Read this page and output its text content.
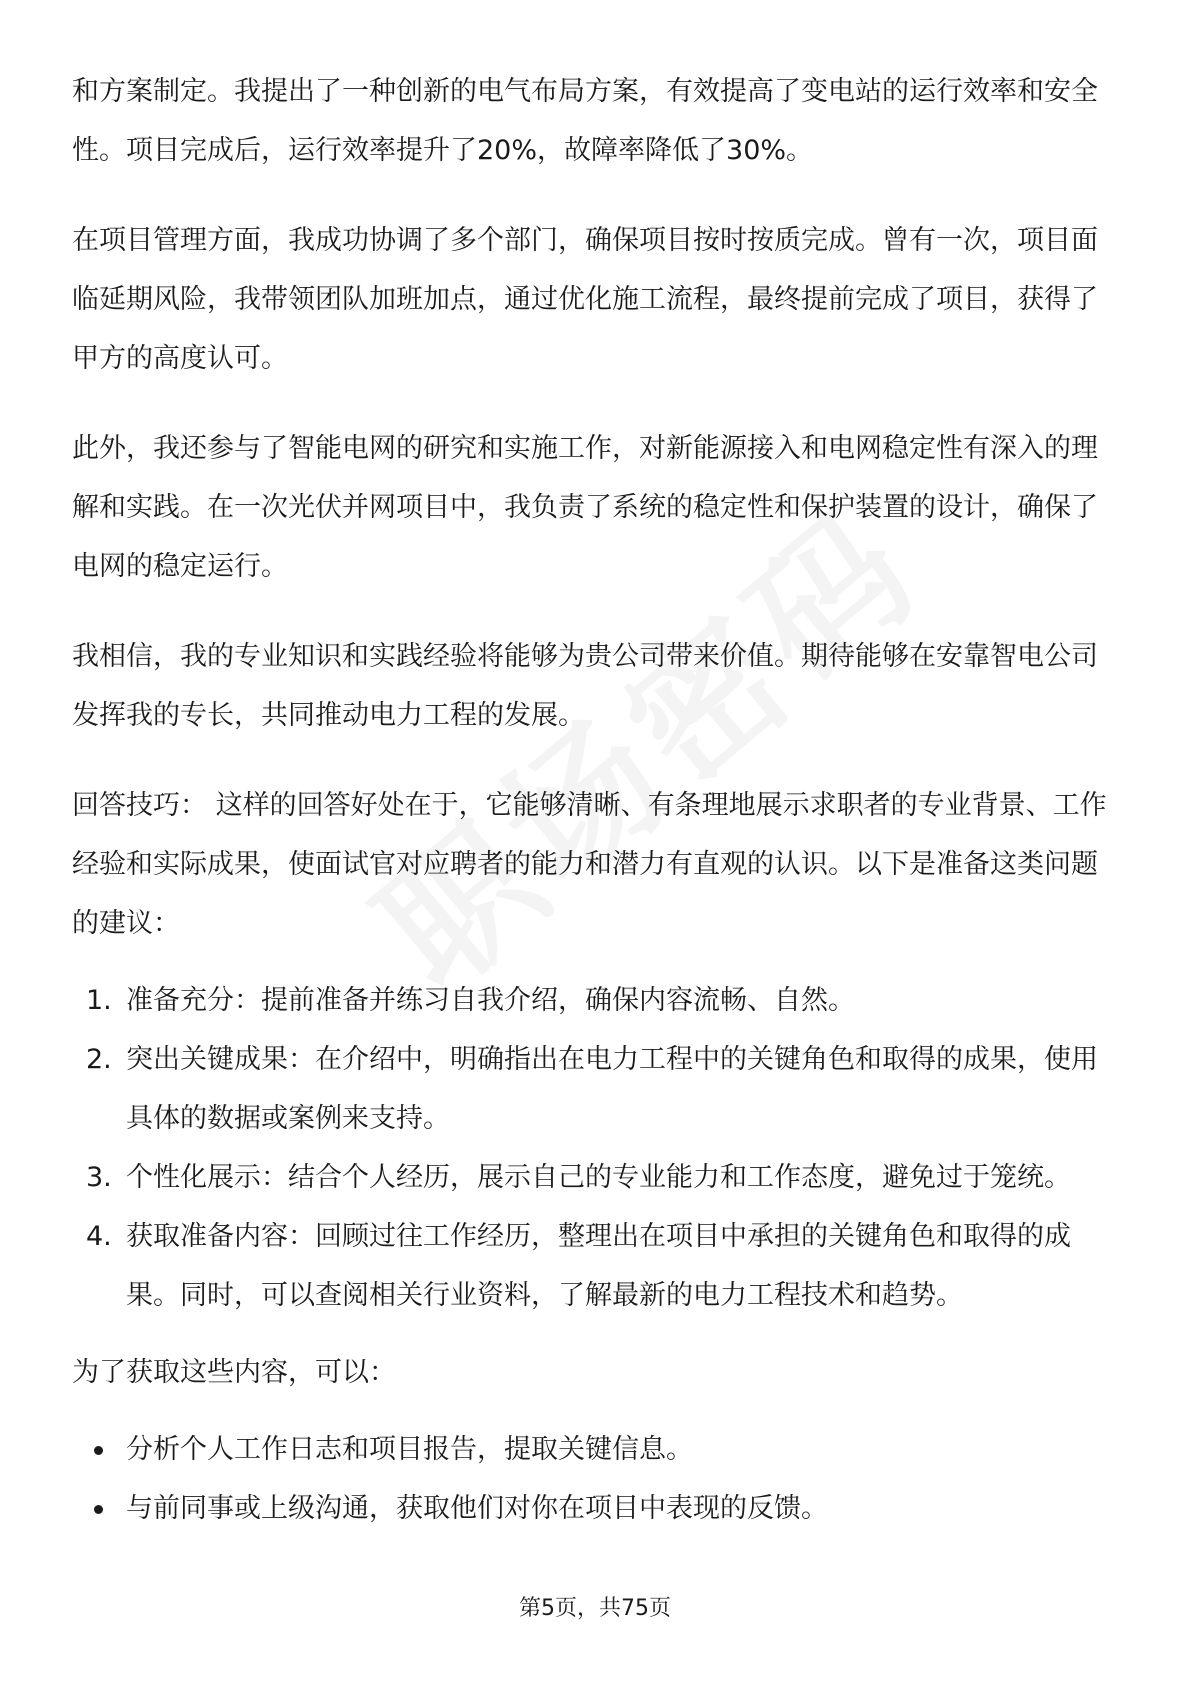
和方案制定。我提出了一种创新的电气布局方案，有效提高了变电站的运行效率和安全性。项目完成后，运行效率提升了20%，故障率降低了30%。

在项目管理方面，我成功协调了多个部门，确保项目按时按质完成。曾有一次，项目面临延期风险，我带领团队加班加点，通过优化施工流程，最终提前完成了项目，获得了甲方的高度认可。

此外，我还参与了智能电网的研究和实施工作，对新能源接入和电网稳定性有深入的理解和实践。在一次光伏并网项目中，我负责了系统的稳定性和保护装置的设计，确保了电网的稳定运行。

我相信，我的专业知识和实践经验将能够为贵公司带来价值。期待能够在安靠智电公司发挥我的专长，共同推动电力工程的发展。

回答技巧： 这样的回答好处在于，它能够清晰、有条理地展示求职者的专业背景、工作经验和实际成果，使面试官对应聘者的能力和潜力有直观的认识。以下是准备这类问题的建议：

1. 准备充分：提前准备并练习自我介绍，确保内容流畅、自然。
2. 突出关键成果：在介绍中，明确指出在电力工程中的关键角色和取得的成果，使用具体的数据或案例来支持。
3. 个性化展示：结合个人经历，展示自己的专业能力和工作态度，避免过于笼统。
4. 获取准备内容：回顾过往工作经历，整理出在项目中承担的关键角色和取得的成果。同时，可以查阅相关行业资料，了解最新的电力工程技术和趋势。

为了获取这些内容，可以：

分析个人工作日志和项目报告，提取关键信息。
与前同事或上级沟通，获取他们对你在项目中表现的反馈。
第5页，共75页
